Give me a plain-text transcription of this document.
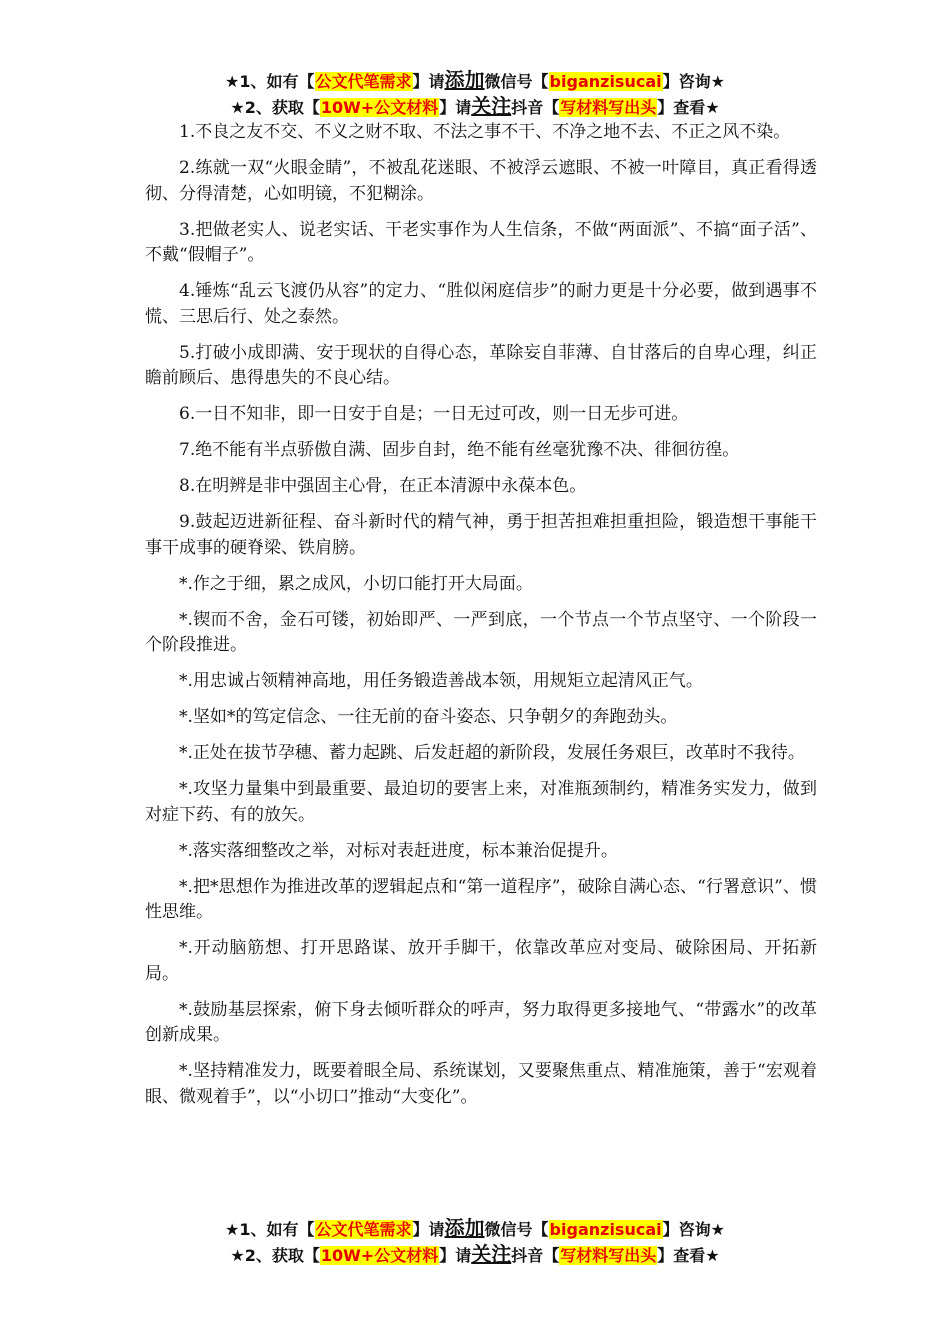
★1、如有【公文代笔需求】请添加微信号【biganzisucai】咨询★
★2、获取【10W+公文材料】请关注抖音【写材料写出头】查看★

1.不良之友不交、不义之财不取、不法之事不干、不净之地不去、不正之风不染。

2.练就一双“火眼金睛”，不被乱花迷眼、不被浮云遮眼、不被一叶障目，真正看得透彻、分得清楚，心如明镜，不犯糊涂。

3.把做老实人、说老实话、干老实事作为人生信条，不做“两面派”、不搞“面子活”、不戴“假帽子”。

4.锤炼“乱云飞渡仍从容”的定力、“胜似闲庭信步”的耐力更是十分必要，做到遇事不慌、三思后行、处之泰然。

5.打破小成即满、安于现状的自得心态，革除妄自菲薄、自甘落后的自卑心理，纠正瞻前顾后、患得患失的不良心结。

6.一日不知非，即一日安于自是；一日无过可改，则一日无步可进。

7.绝不能有半点骄傲自满、固步自封，绝不能有丝毫犹豫不决、徘徊彷徨。

8.在明辨是非中强固主心骨，在正本清源中永葆本色。

9.鼓起迈进新征程、奋斗新时代的精气神，勇于担苦担难担重担险，锻造想干事能干事干成事的硬脊梁、铁肩膀。

*.作之于细，累之成风，小切口能打开大局面。

*.锲而不舍，金石可镂，初始即严、一严到底，一个节点一个节点坚守、一个阶段一个阶段推进。

*.用忠诚占领精神高地，用任务锻造善战本领，用规矩立起清风正气。

*.坚如*的笃定信念、一往无前的奋斗姿态、只争朝夕的奔跑劲头。

*.正处在拔节孕穗、蓄力起跳、后发赶超的新阶段，发展任务艰巨，改革时不我待。

*.攻坚力量集中到最重要、最迫切的要害上来，对准瓶颈制约，精准务实发力，做到对症下药、有的放矢。

*.落实落细整改之举，对标对表赶进度，标本兼治促提升。

*.把*思想作为推进改革的逻辑起点和“第一道程序”，破除自满心态、“行署意识”、惯性思维。

*.开动脑筋想、打开思路谋、放开手脚干，依靠改革应对变局、破除困局、开拓新局。

*.鼓励基层探索，俯下身去倾听群众的呼声，努力取得更多接地气、“带露水”的改革创新成果。

*.坚持精准发力，既要着眼全局、系统谋划，又要聚焦重点、精准施策，善于“宏观着眼、微观着手”，以“小切口”推动“大变化”。

★1、如有【公文代笔需求】请添加微信号【biganzisucai】咨询★
★2、获取【10W+公文材料】请关注抖音【写材料写出头】查看★
